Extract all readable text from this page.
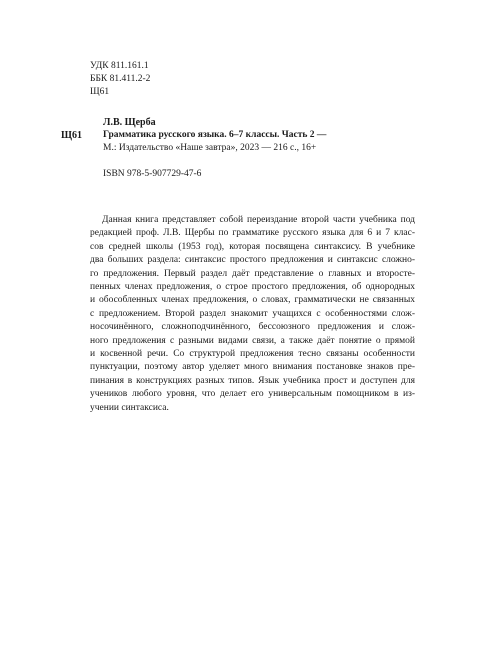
УДК 811.161.1
ББК 81.411.2-2
Щ61
Л.В. Щерба
Щ61 Грамматика русского языка. 6–7 классы. Часть 2 —
М.: Издательство «Наше завтра», 2023 — 216 с., 16+
ISBN 978-5-907729-47-6
Данная книга представляет собой переиздание второй части учебника под
редакцией проф. Л.В. Щербы по грамматике русского языка для 6 и 7 клас-
сов средней школы (1953 год), которая посвящена синтаксису. В учебнике
два больших раздела: синтаксис простого предложения и синтаксис сложно-
го предложения. Первый раздел даёт представление о главных и второсте-
пенных членах предложения, о строе простого предложения, об однородных
и обособленных членах предложения, о словах, грамматически не связанных
с предложением. Второй раздел знакомит учащихся с особенностями слож-
носочинённого, сложноподчинённого, бессоюзного предложения и слож-
ного предложения с разными видами связи, а также даёт понятие о прямой
и косвенной речи. Со структурой предложения тесно связаны особенности
пунктуации, поэтому автор уделяет много внимания постановке знаков пре-
пинания в конструкциях разных типов. Язык учебника прост и доступен для
учеников любого уровня, что делает его универсальным помощником в из-
учении синтаксиса.
